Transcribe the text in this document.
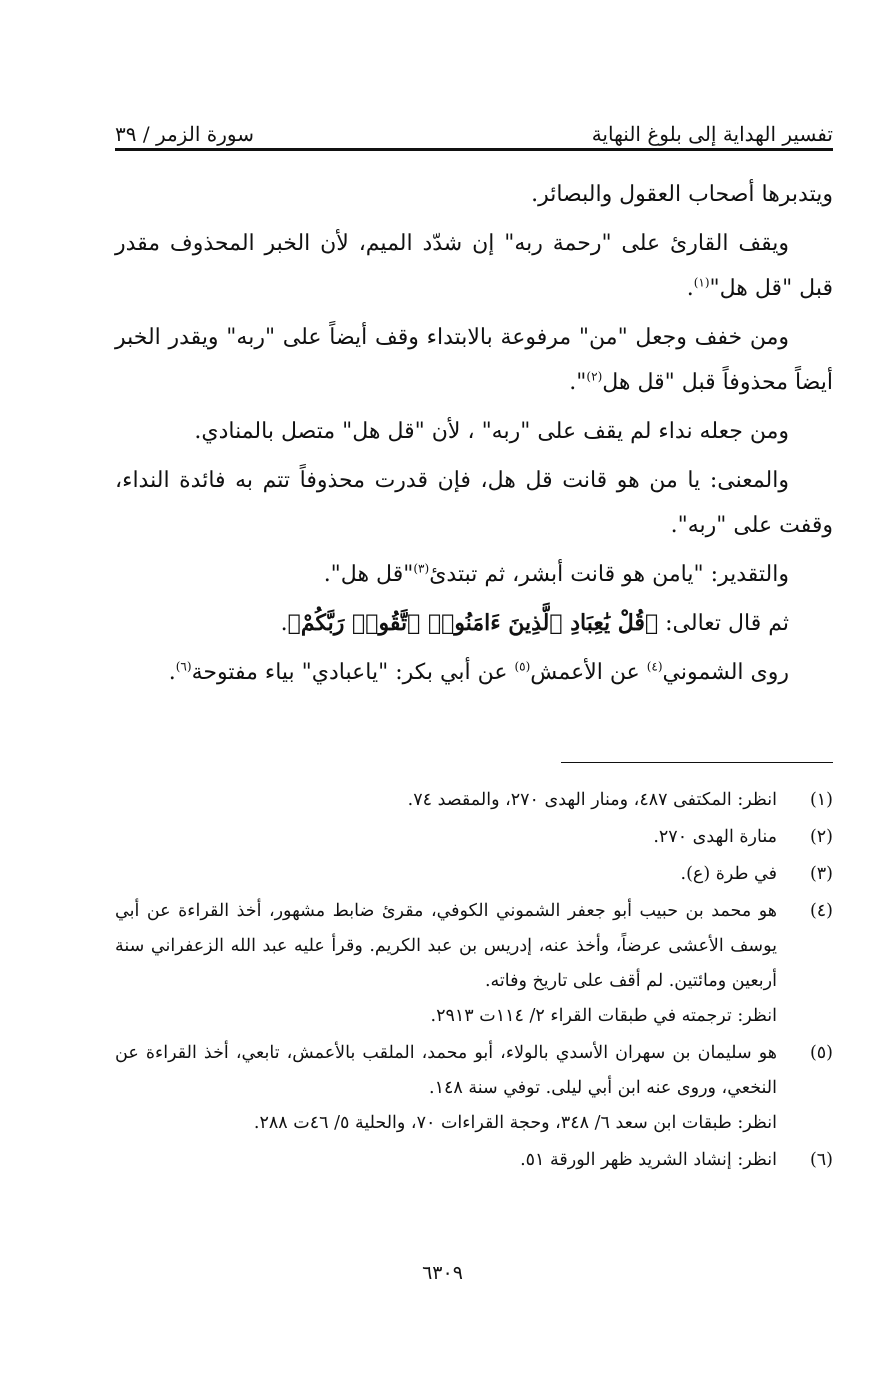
تفسير الهداية إلى بلوغ النهاية
سورة الزمر / ٣٩

ويتدبرها أصحاب العقول والبصائر.

ويقف القارئ على "رحمة ربه" إن شدّد الميم، لأن الخبر المحذوف مقدر قبل "قل هل"$^{(١)}$.

ومن خفف وجعل "من" مرفوعة بالابتداء وقف أيضاً على "ربه" ويقدر الخبر أيضاً محذوفاً قبل "قل هل$^{(٢)}$".

ومن جعله نداء لم يقف على "ربه" ، لأن "قل هل" متصل بالمنادي.

والمعنى: يا من هو قانت قل هل، فإن قدرت محذوفاً تتم به فائدة النداء، وقفت على "ربه".

والتقدير: "يامن هو قانت أبشر، ثم تبتدئ$^{(٣)}$"قل هل".

ثم قال تعالى: ﴿قُلْ يَٰعِبَادِ ٱلَّذِينَ ءَامَنُوا۟ ٱتَّقُوا۟ رَبَّكُمْ﴾.

روى الشموني$^{(٤)}$ عن الأعمش$^{(٥)}$ عن أبي بكر: "ياعبادي" بياء مفتوحة$^{(٦)}$.

(١)
انظر: المكتفى ٤٨٧، ومنار الهدى ٢٧٠، والمقصد ٧٤.
(٢)
منارة الهدى ٢٧٠.
(٣)
في طرة (ع).
(٤)
هو محمد بن حبيب أبو جعفر الشموني الكوفي، مقرئ ضابط مشهور، أخذ القراءة عن أبي يوسف الأعشى عرضاً، وأخذ عنه، إدريس بن عبد الكريم. وقرأ عليه عبد الله الزعفراني سنة أربعين ومائتين. لم أقف على تاريخ وفاته.
انظر: ترجمته في طبقات القراء ٢/ ١١٤ت ٢٩١٣.
(٥)
هو سليمان بن سهران الأسدي بالولاء، أبو محمد، الملقب بالأعمش، تابعي، أخذ القراءة عن النخعي، وروى عنه ابن أبي ليلى. توفي سنة ١٤٨.
انظر: طبقات ابن سعد ٦/ ٣٤٨، وحجة القراءات ٧٠، والحلية ٥/ ٤٦ت ٢٨٨.
(٦)
انظر: إنشاد الشريد ظهر الورقة ٥١.
٦٣٠٩
